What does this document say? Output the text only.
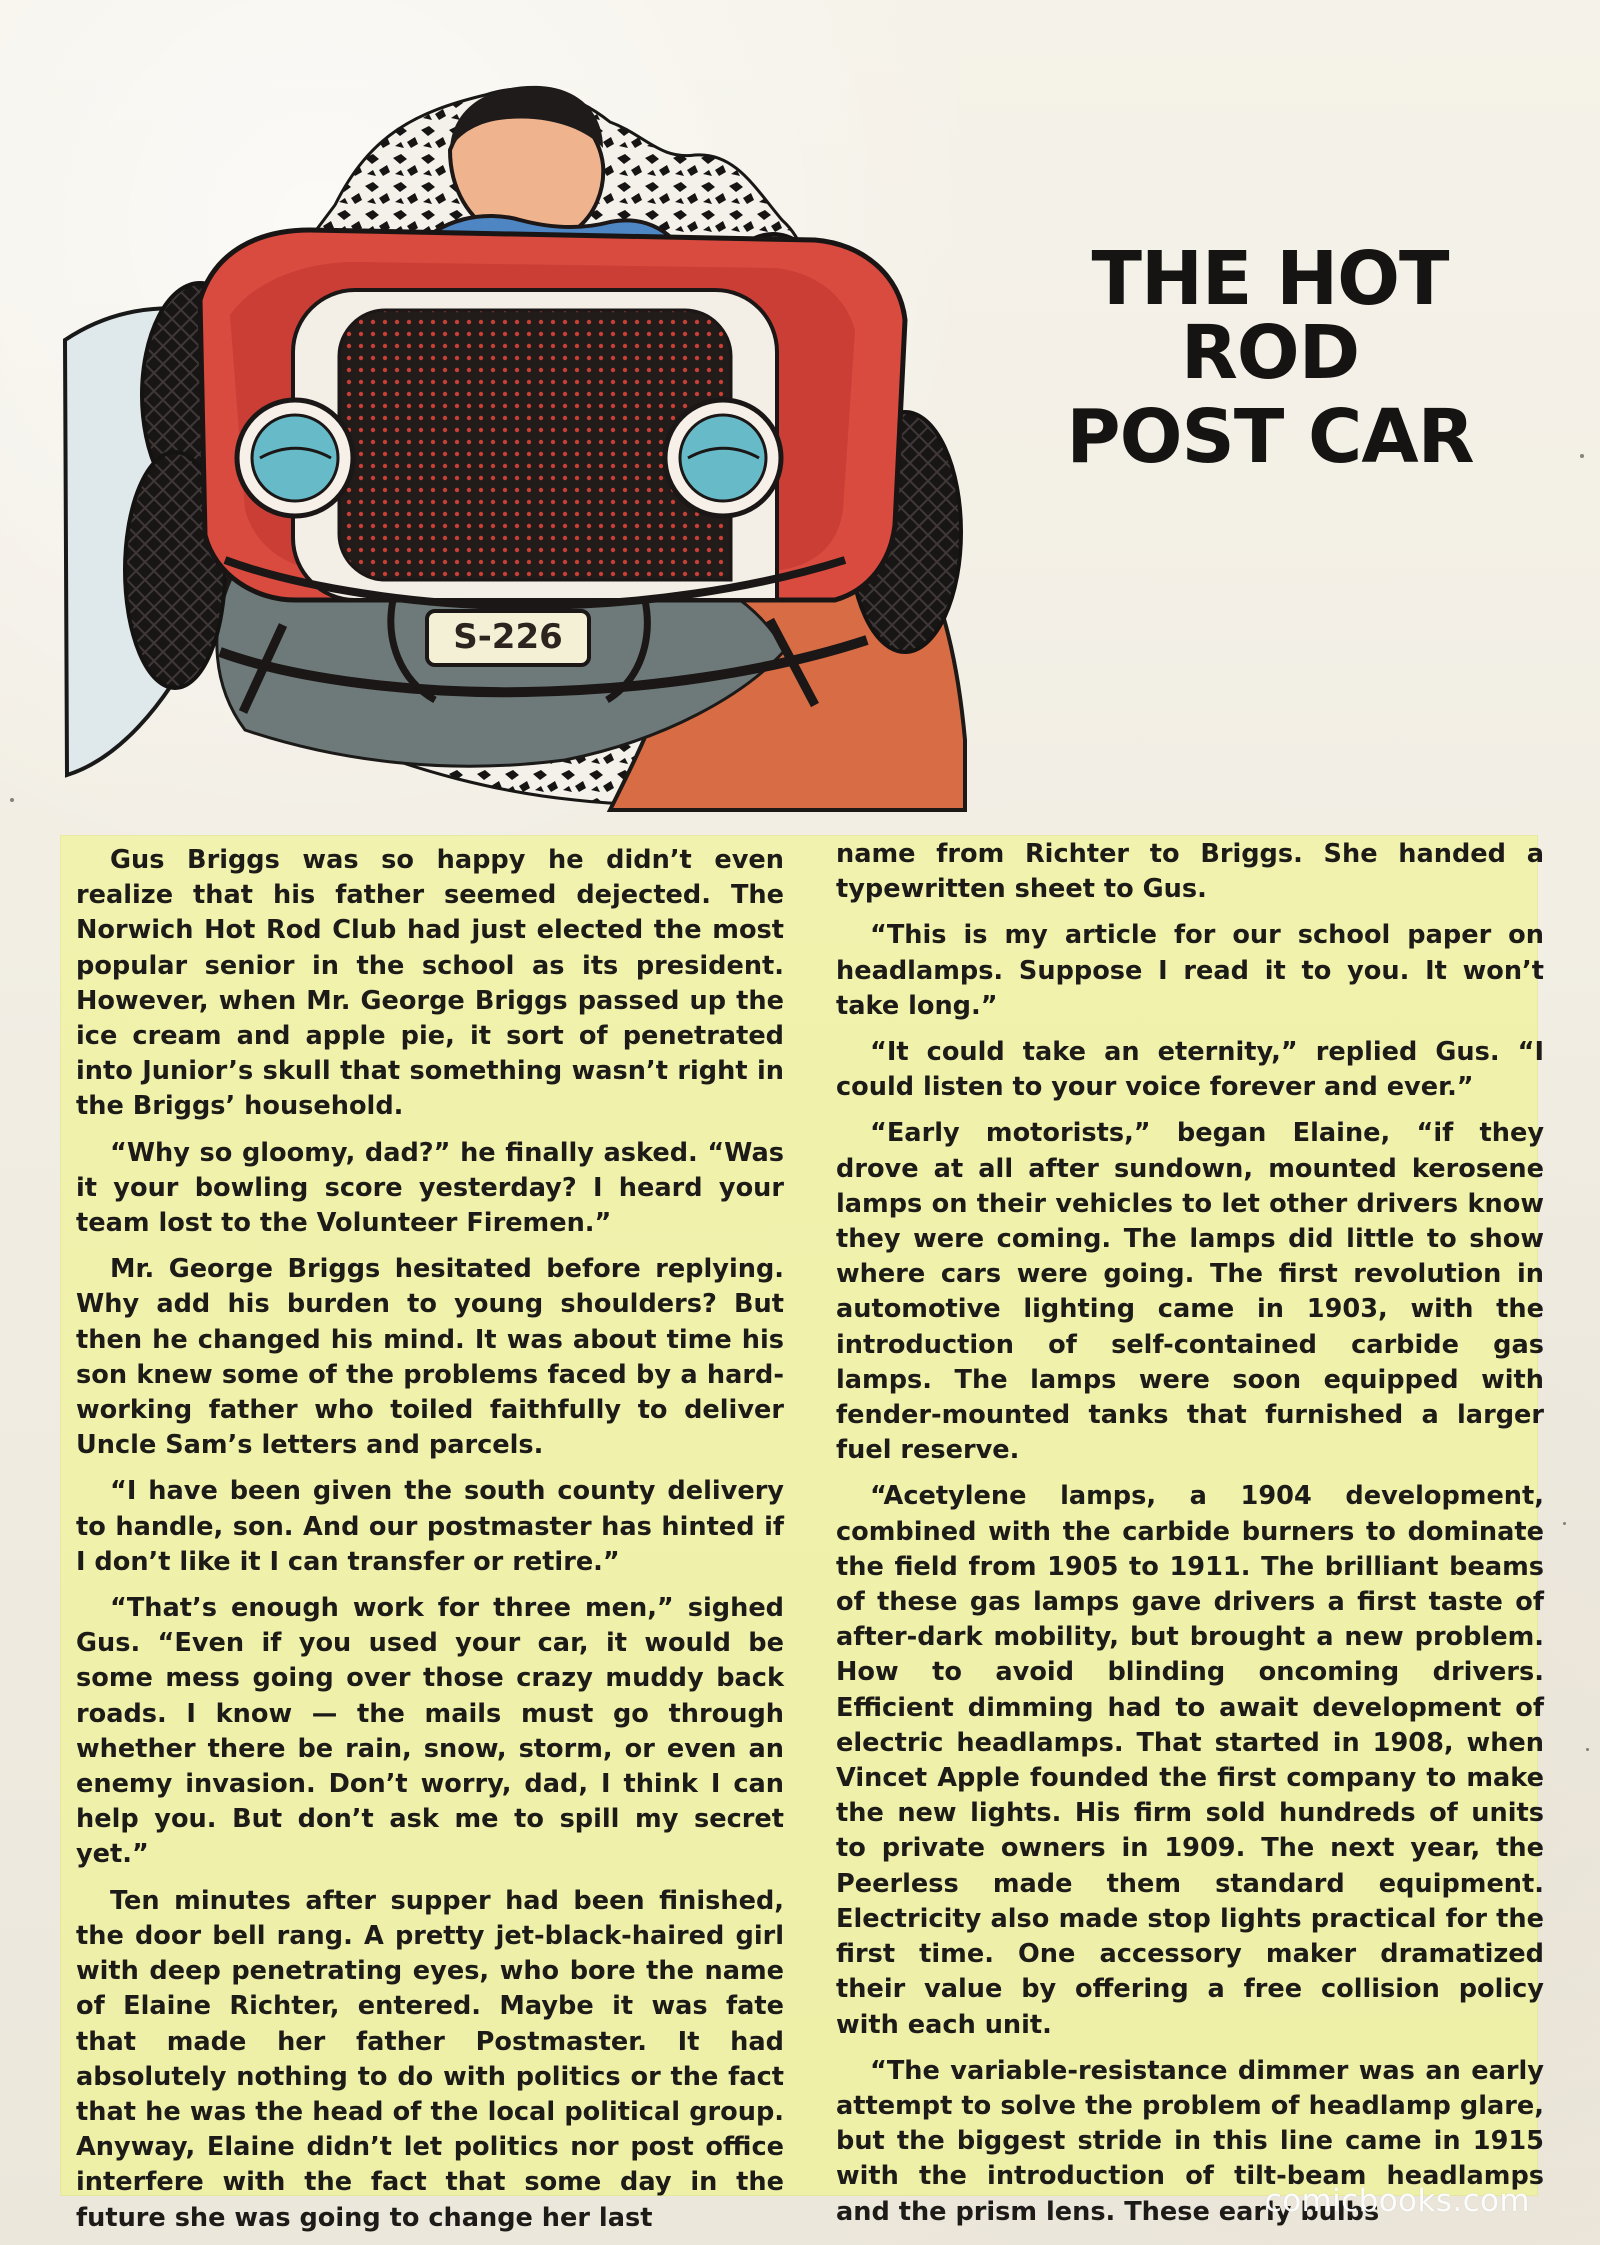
S-226
THE HOT ROD
POST CAR

Gus Briggs was so happy he didn’t even realize that his father seemed dejected. The Norwich Hot Rod Club had just elected the most popular senior in the school as its president. However, when Mr. George Briggs passed up the ice cream and apple pie, it sort of penetrated into Junior’s skull that something wasn’t right in the Briggs’ household.

“Why so gloomy, dad?” he finally asked. “Was it your bowling score yesterday? I heard your team lost to the Volunteer Firemen.”

Mr. George Briggs hesitated before replying. Why add his burden to young shoulders? But then he changed his mind. It was about time his son knew some of the problems faced by a hard-working father who toiled faithfully to deliver Uncle Sam’s letters and parcels.

“I have been given the south county delivery to handle, son. And our postmaster has hinted if I don’t like it I can transfer or retire.”

“That’s enough work for three men,” sighed Gus. “Even if you used your car, it would be some mess going over those crazy muddy back roads. I know — the mails must go through whether there be rain, snow, storm, or even an enemy invasion. Don’t worry, dad, I think I can help you. But don’t ask me to spill my secret yet.”

Ten minutes after supper had been finished, the door bell rang. A pretty jet-black-haired girl with deep penetrating eyes, who bore the name of Elaine Richter, entered. Maybe it was fate that made her father Postmaster. It had absolutely nothing to do with politics or the fact that he was the head of the local political group. Anyway, Elaine didn’t let politics nor post office interfere with the fact that some day in the future she was going to change her last

name from Richter to Briggs. She handed a typewritten sheet to Gus.

“This is my article for our school paper on headlamps. Suppose I read it to you. It won’t take long.”

“It could take an eternity,” replied Gus. “I could listen to your voice forever and ever.”

“Early motorists,” began Elaine, “if they drove at all after sundown, mounted kerosene lamps on their vehicles to let other drivers know they were coming. The lamps did little to show where cars were going. The first revolution in automotive lighting came in 1903, with the introduction of self-contained carbide gas lamps. The lamps were soon equipped with fender-mounted tanks that furnished a larger fuel reserve.

“Acetylene lamps, a 1904 development, combined with the carbide burners to dominate the field from 1905 to 1911. The brilliant beams of these gas lamps gave drivers a first taste of after-dark mobility, but brought a new problem. How to avoid blinding oncoming drivers. Efficient dimming had to await development of electric headlamps. That started in 1908, when Vincet Apple founded the first company to make the new lights. His firm sold hundreds of units to private owners in 1909. The next year, the Peerless made them standard equipment. Electricity also made stop lights practical for the first time. One accessory maker dramatized their value by offering a free collision policy with each unit.

“The variable-resistance dimmer was an early attempt to solve the problem of headlamp glare, but the biggest stride in this line came in 1915 with the introduction of tilt-beam headlamps and the prism lens. These early bulbs

comicbooks.com
